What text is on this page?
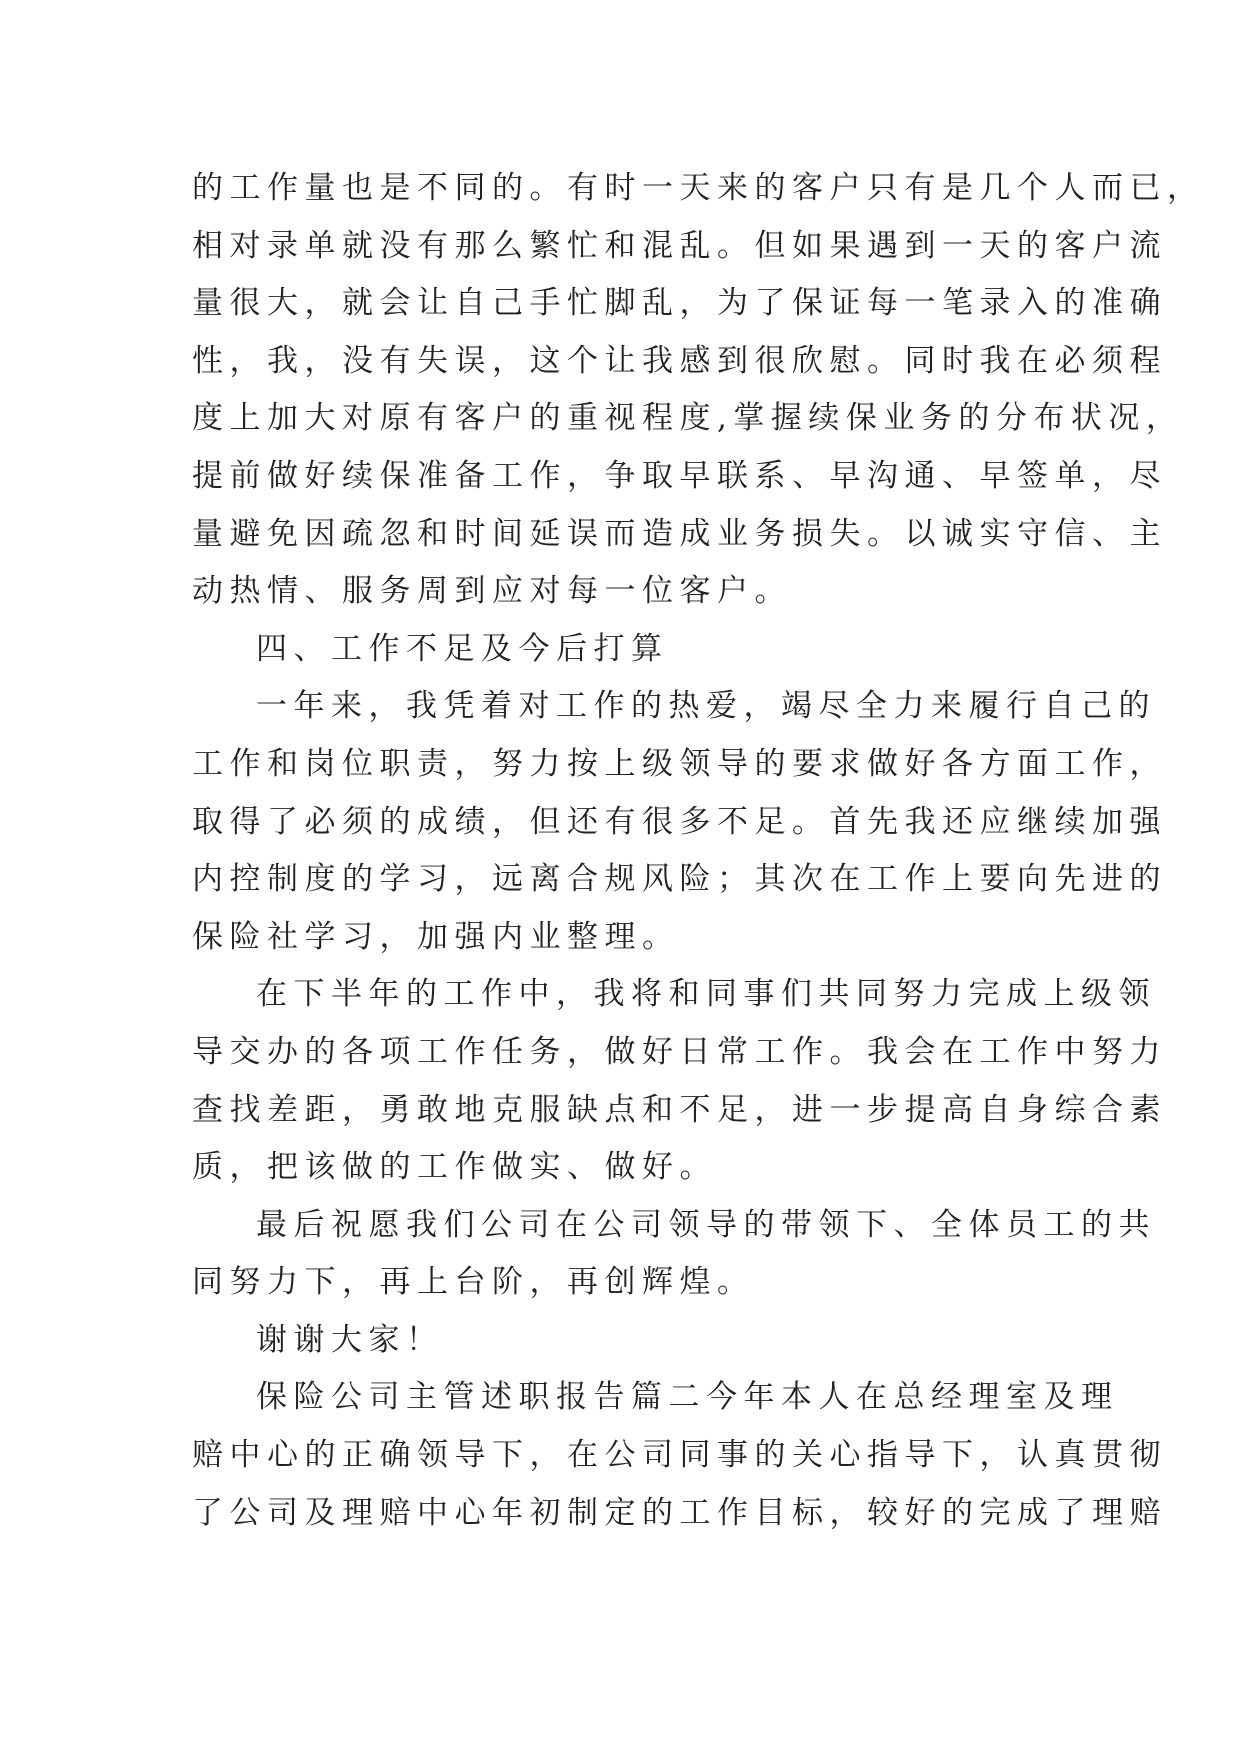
的工作量也是不同的。有时一天来的客户只有是几个人而已，
相对录单就没有那么繁忙和混乱。但如果遇到一天的客户流
量很大，就会让自己手忙脚乱，为了保证每一笔录入的准确
性，我，没有失误，这个让我感到很欣慰。同时我在必须程
度上加大对原有客户的重视程度,掌握续保业务的分布状况，
提前做好续保准备工作，争取早联系、早沟通、早签单，尽
量避免因疏忽和时间延误而造成业务损失。以诚实守信、主
动热情、服务周到应对每一位客户。
四、工作不足及今后打算
一年来，我凭着对工作的热爱，竭尽全力来履行自己的
工作和岗位职责，努力按上级领导的要求做好各方面工作，
取得了必须的成绩，但还有很多不足。首先我还应继续加强
内控制度的学习，远离合规风险；其次在工作上要向先进的
保险社学习，加强内业整理。
在下半年的工作中，我将和同事们共同努力完成上级领
导交办的各项工作任务，做好日常工作。我会在工作中努力
查找差距，勇敢地克服缺点和不足，进一步提高自身综合素
质，把该做的工作做实、做好。
最后祝愿我们公司在公司领导的带领下、全体员工的共
同努力下，再上台阶，再创辉煌。
谢谢大家！
保险公司主管述职报告篇二今年本人在总经理室及理
赔中心的正确领导下，在公司同事的关心指导下，认真贯彻
了公司及理赔中心年初制定的工作目标，较好的完成了理赔
